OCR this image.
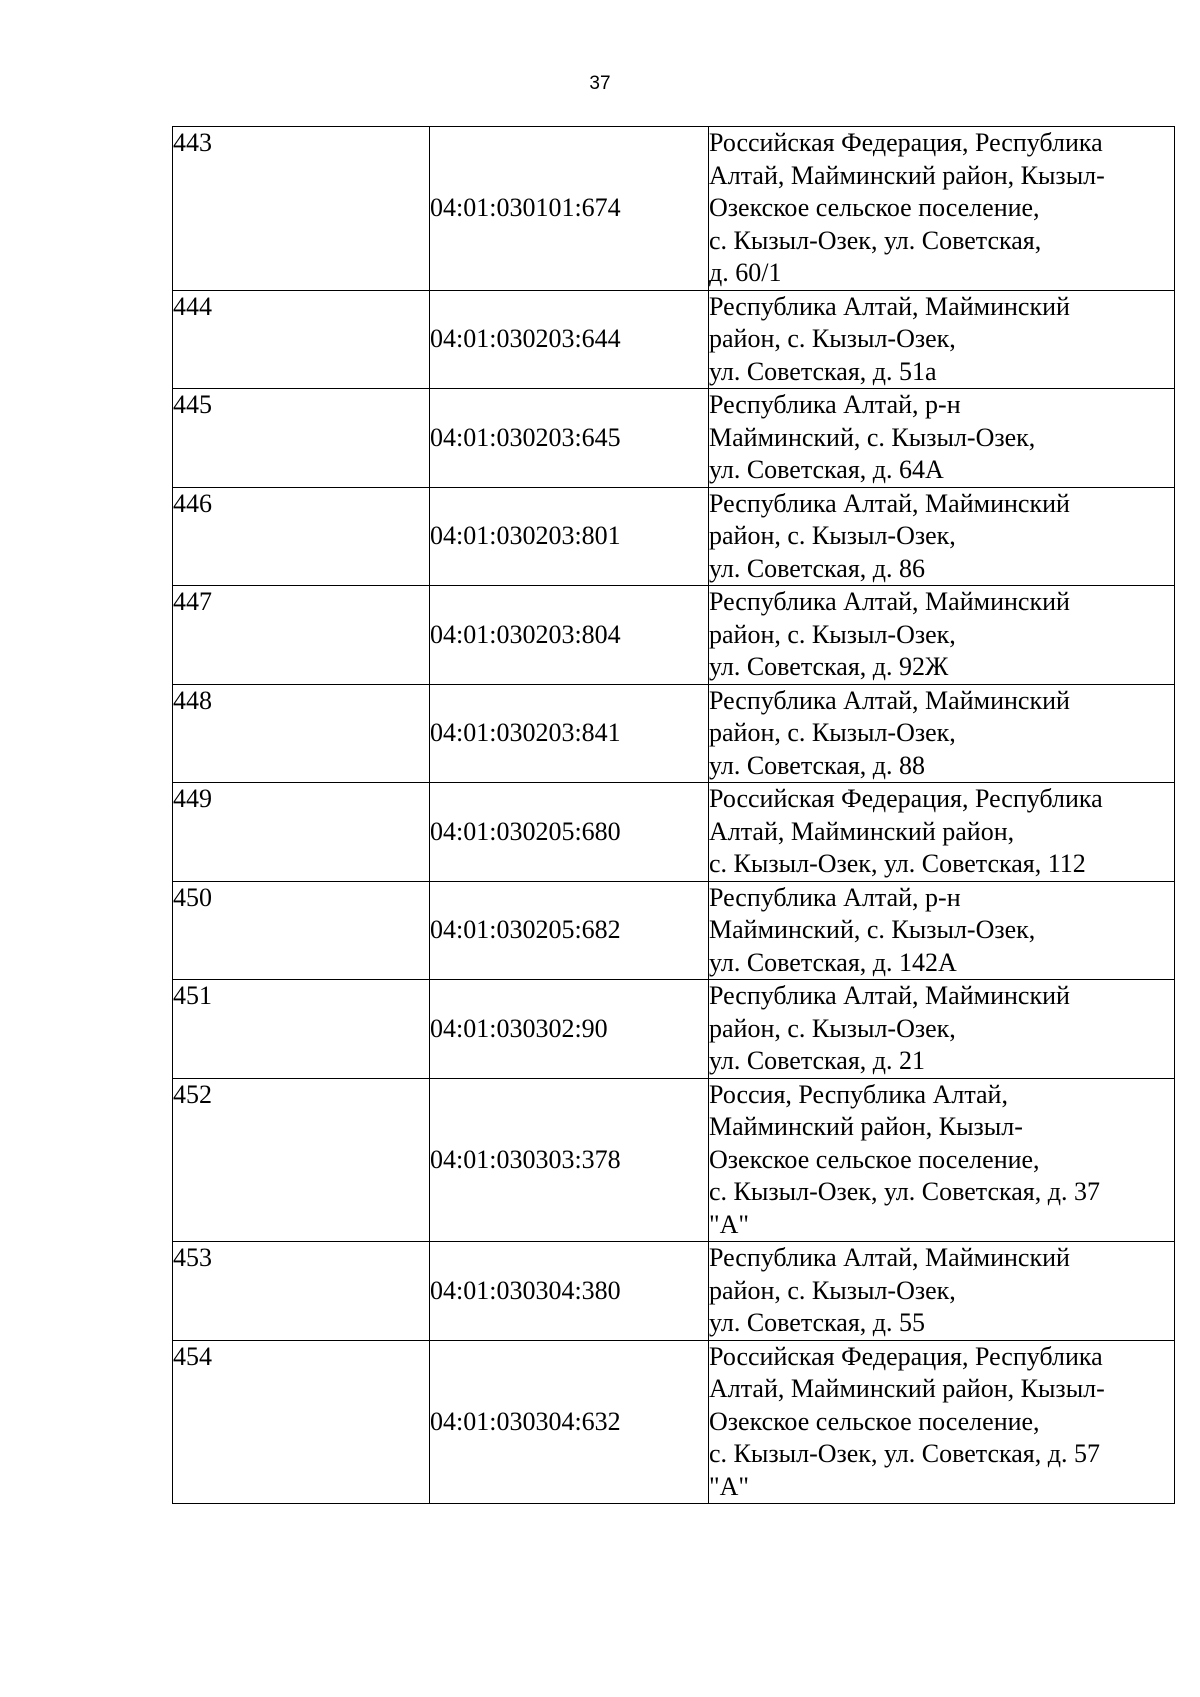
37
443	04:01:030101:674	Российская Федерация, Республика
Алтай, Майминский район, Кызыл-
Озекское сельское поселение,
с. Кызыл-Озек, ул. Советская,
д. 60/1

444	04:01:030203:644	Республика Алтай, Майминский
район, с. Кызыл-Озек,
ул. Советская, д. 51а

445	04:01:030203:645	Республика Алтай, р-н
Майминский, с. Кызыл-Озек,
ул. Советская, д. 64А

446	04:01:030203:801	Республика Алтай, Майминский
район, с. Кызыл-Озек,
ул. Советская, д. 86

447	04:01:030203:804	Республика Алтай, Майминский
район, с. Кызыл-Озек,
ул. Советская, д. 92Ж

448	04:01:030203:841	Республика Алтай, Майминский
район, с. Кызыл-Озек,
ул. Советская, д. 88

449	04:01:030205:680	Российская Федерация, Республика
Алтай, Майминский район,
с. Кызыл-Озек, ул. Советская, 112

450	04:01:030205:682	Республика Алтай, р-н
Майминский, с. Кызыл-Озек,
ул. Советская, д. 142А

451	04:01:030302:90	Республика Алтай, Майминский
район, с. Кызыл-Озек,
ул. Советская, д. 21

452	04:01:030303:378	Россия, Республика Алтай,
Майминский район, Кызыл-
Озекское сельское поселение,
с. Кызыл-Озек, ул. Советская, д. 37
"А"

453	04:01:030304:380	Республика Алтай, Майминский
район, с. Кызыл-Озек,
ул. Советская, д. 55

454	04:01:030304:632	Российская Федерация, Республика
Алтай, Майминский район, Кызыл-
Озекское сельское поселение,
с. Кызыл-Озек, ул. Советская, д. 57
"А"
